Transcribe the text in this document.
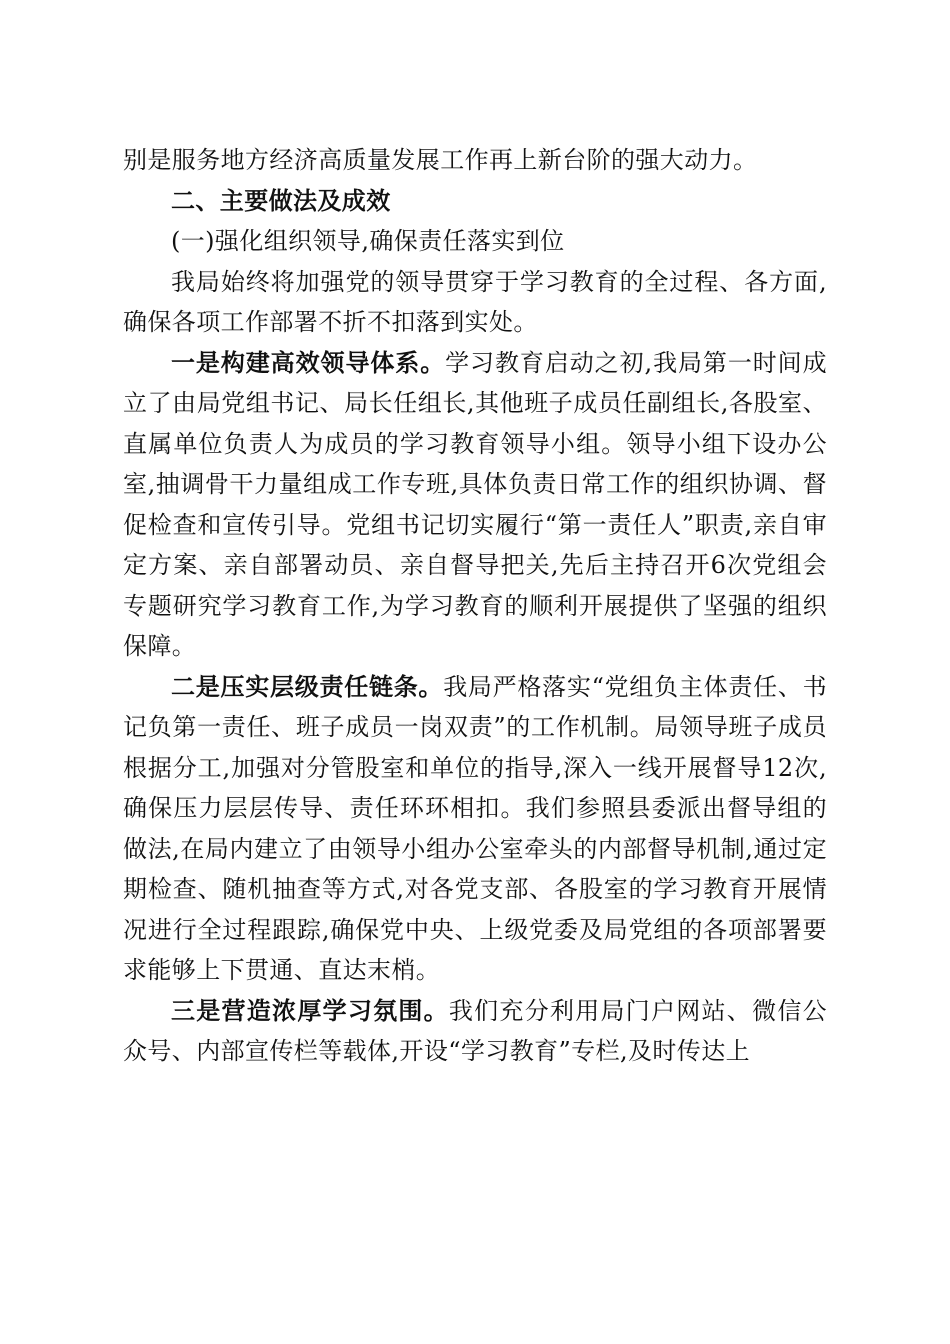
别是服务地方经济高质量发展工作再上新台阶的强大动力。

二、主要做法及成效

(一)强化组织领导,确保责任落实到位

我局始终将加强党的领导贯穿于学习教育的全过程、各方面,确保各项工作部署不折不扣落到实处。

一是构建高效领导体系。学习教育启动之初,我局第一时间成立了由局党组书记、局长任组长,其他班子成员任副组长,各股室、直属单位负责人为成员的学习教育领导小组。领导小组下设办公室,抽调骨干力量组成工作专班,具体负责日常工作的组织协调、督促检查和宣传引导。党组书记切实履行“第一责任人”职责,亲自审定方案、亲自部署动员、亲自督导把关,先后主持召开6次党组会专题研究学习教育工作,为学习教育的顺利开展提供了坚强的组织保障。

二是压实层级责任链条。我局严格落实“党组负主体责任、书记负第一责任、班子成员一岗双责”的工作机制。局领导班子成员根据分工,加强对分管股室和单位的指导,深入一线开展督导12次,确保压力层层传导、责任环环相扣。我们参照县委派出督导组的做法,在局内建立了由领导小组办公室牵头的内部督导机制,通过定期检查、随机抽查等方式,对各党支部、各股室的学习教育开展情况进行全过程跟踪,确保党中央、上级党委及局党组的各项部署要求能够上下贯通、直达末梢。

三是营造浓厚学习氛围。我们充分利用局门户网站、微信公众号、内部宣传栏等载体,开设“学习教育”专栏,及时传达上
